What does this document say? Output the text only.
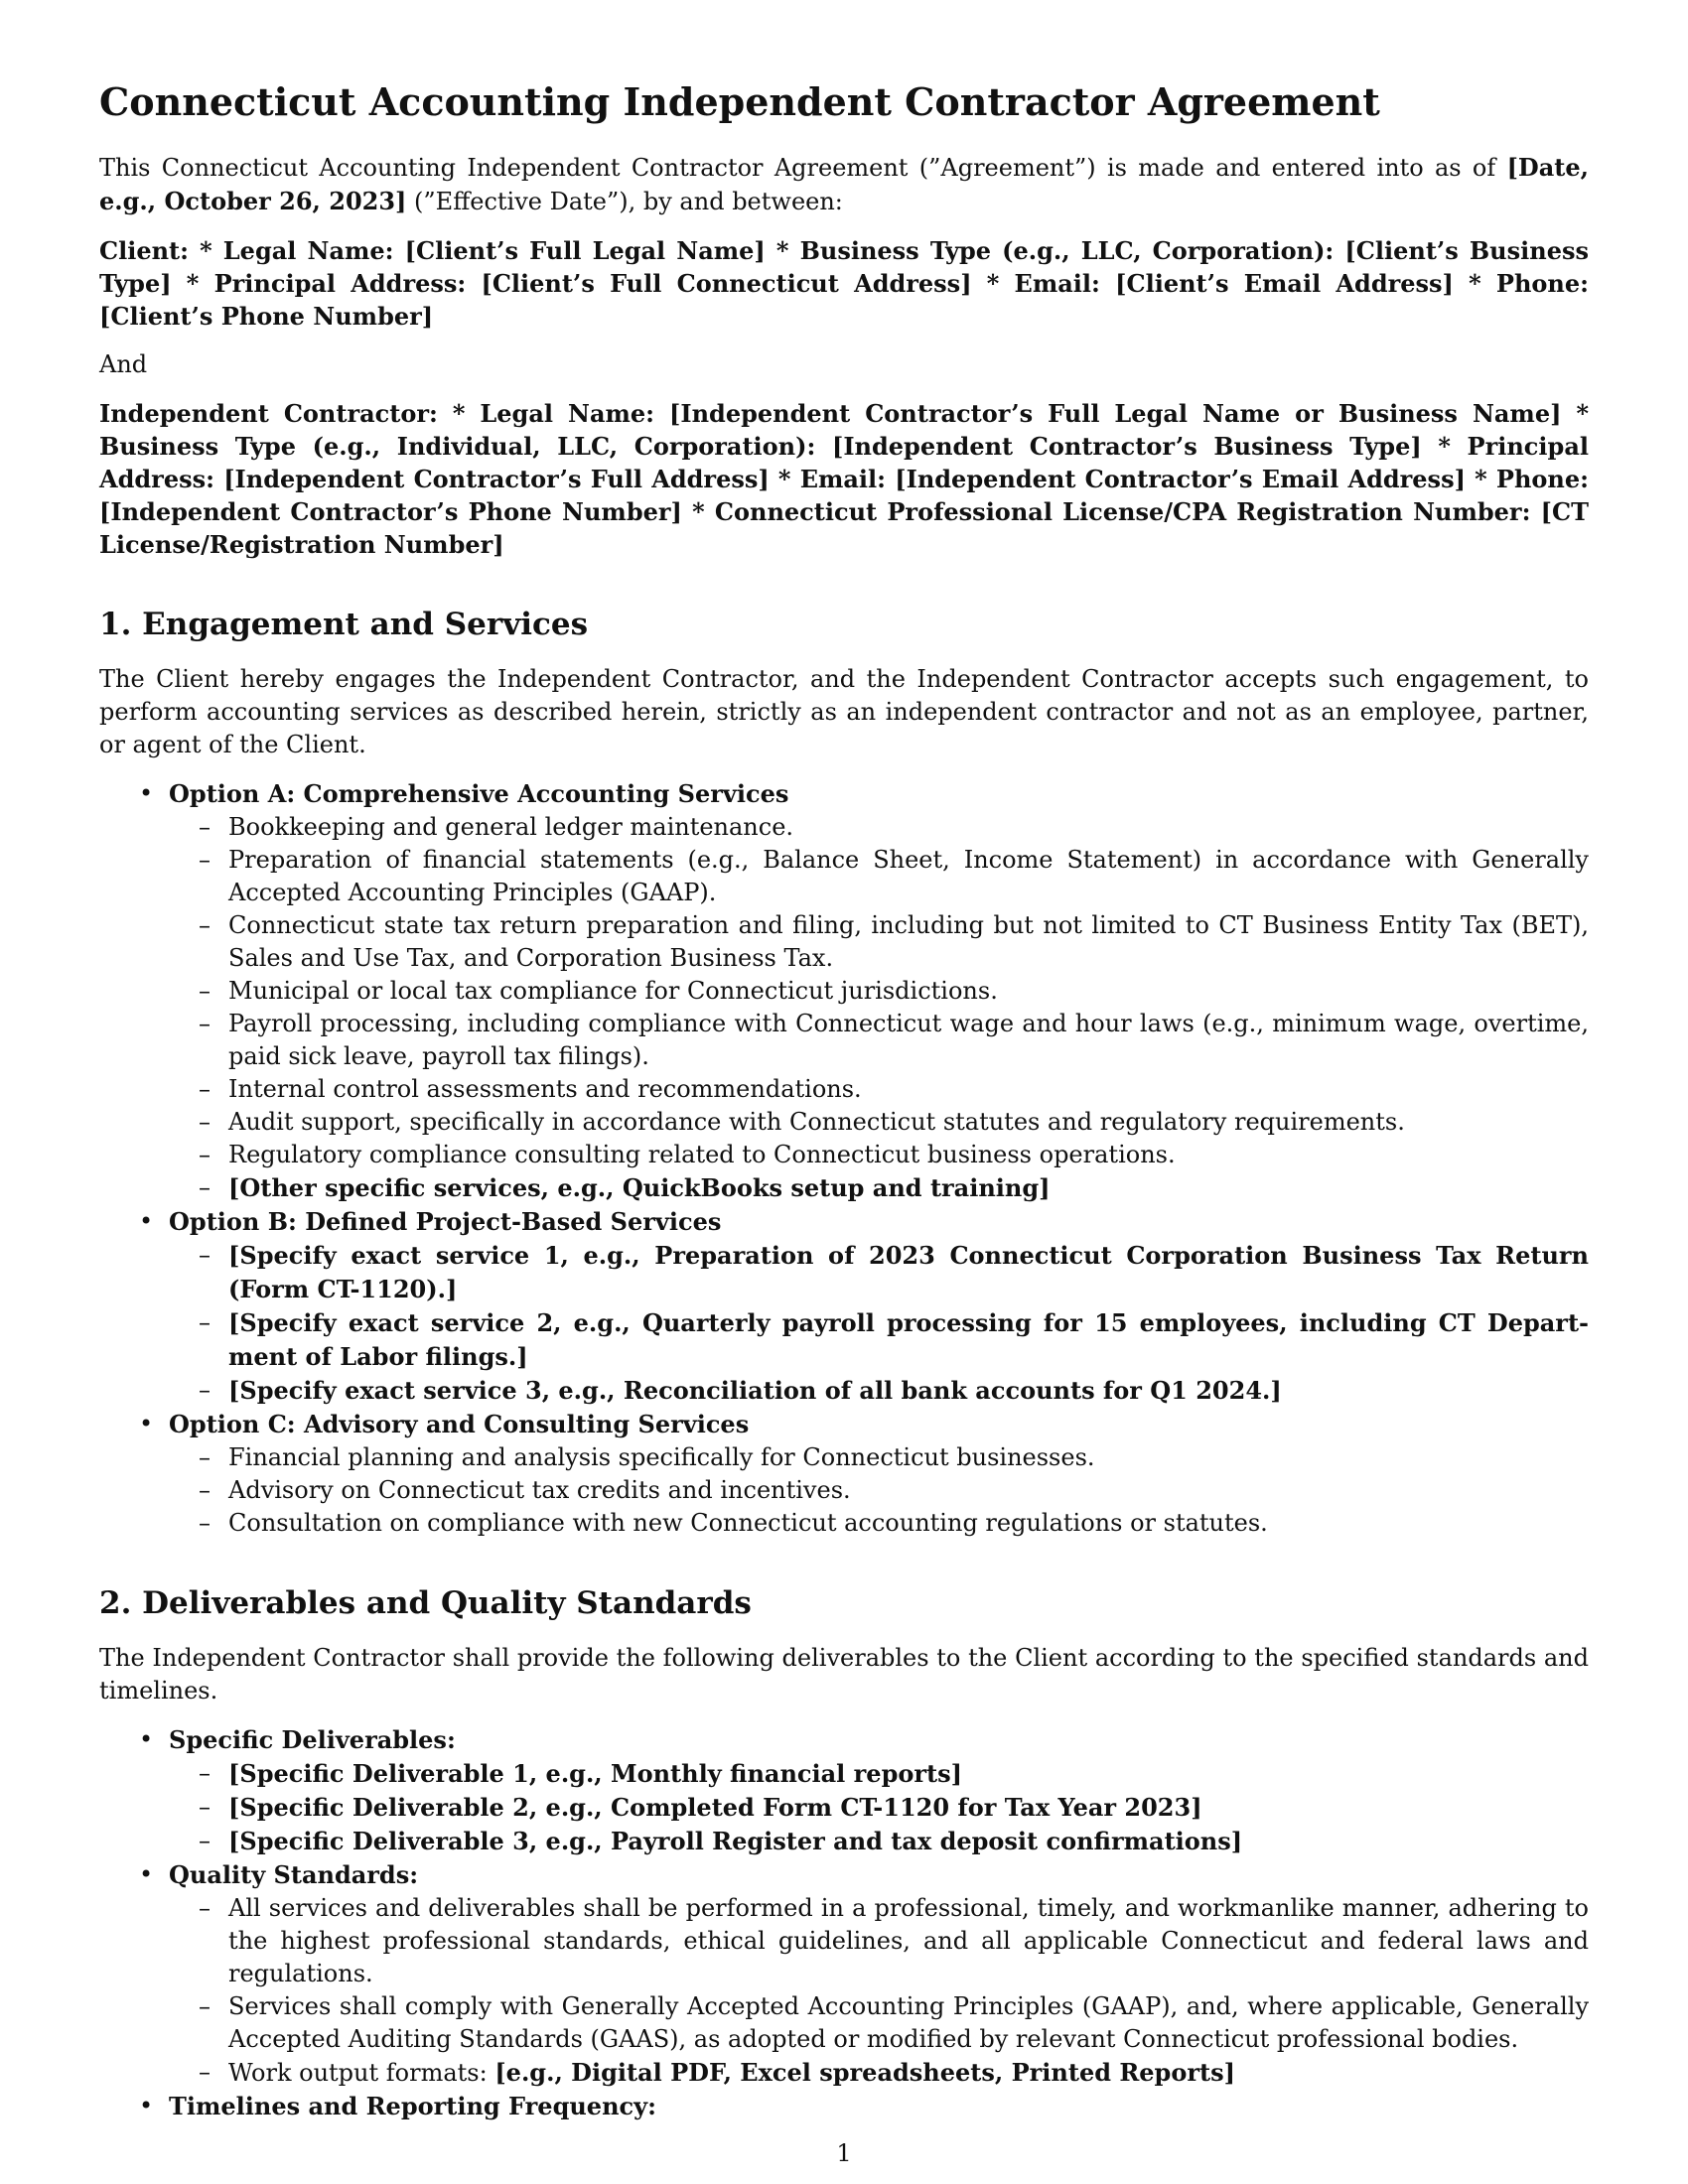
Connecticut Accounting Independent Contractor Agreement

This Connecticut Accounting Independent Contractor Agreement (”Agreement”) is made and entered into as of [Date, e.g., October 26, 2023] (”Effective Date”), by and between:

Client: * Legal Name: [Client’s Full Legal Name] * Business Type (e.g., LLC, Corporation): [Client’s Business Type] * Principal Address: [Client’s Full Connecticut Address] * Email: [Client’s Email Address] * Phone: [Client’s Phone Number]

And

Independent Contractor: * Legal Name: [Independent Contractor’s Full Legal Name or Business Name] * Business Type (e.g., Individual, LLC, Corporation): [Independent Contractor’s Business Type] * Principal Address: [Independent Contractor’s Full Address] * Email: [Independent Contractor’s Email Address] * Phone: [Independent Contractor’s Phone Number] * Connecticut Professional License/CPA Registration Number: [CT License/Registration Number]

1. Engagement and Services

The Client hereby engages the Independent Contractor, and the Independent Contractor accepts such engagement, to perform accounting services as described herein, strictly as an independent contractor and not as an employee, partner, or agent of the Client.

• Option A: Comprehensive Accounting Services
– Bookkeeping and general ledger maintenance.
– Preparation of financial statements (e.g., Balance Sheet, Income Statement) in accordance with Generally Accepted Accounting Principles (GAAP).
– Connecticut state tax return preparation and filing, including but not limited to CT Business Entity Tax (BET), Sales and Use Tax, and Corporation Business Tax.
– Municipal or local tax compliance for Connecticut jurisdictions.
– Payroll processing, including compliance with Connecticut wage and hour laws (e.g., minimum wage, overtime, paid sick leave, payroll tax filings).
– Internal control assessments and recommendations.
– Audit support, specifically in accordance with Connecticut statutes and regulatory requirements.
– Regulatory compliance consulting related to Connecticut business operations.
– [Other specific services, e.g., QuickBooks setup and training]
• Option B: Defined Project-Based Services
– [Specify exact service 1, e.g., Preparation of 2023 Connecticut Corporation Business Tax Return (Form CT-1120).]
– [Specify exact service 2, e.g., Quarterly payroll processing for 15 employees, including CT Depart-ment of Labor filings.]
– [Specify exact service 3, e.g., Reconciliation of all bank accounts for Q1 2024.]
• Option C: Advisory and Consulting Services
– Financial planning and analysis specifically for Connecticut businesses.
– Advisory on Connecticut tax credits and incentives.
– Consultation on compliance with new Connecticut accounting regulations or statutes.
2. Deliverables and Quality Standards

The Independent Contractor shall provide the following deliverables to the Client according to the specified standards and timelines.

• Specific Deliverables:
– [Specific Deliverable 1, e.g., Monthly financial reports]
– [Specific Deliverable 2, e.g., Completed Form CT-1120 for Tax Year 2023]
– [Specific Deliverable 3, e.g., Payroll Register and tax deposit confirmations]
• Quality Standards:
– All services and deliverables shall be performed in a professional, timely, and workmanlike manner, adhering to the highest professional standards, ethical guidelines, and all applicable Connecticut and federal laws and regulations.
– Services shall comply with Generally Accepted Accounting Principles (GAAP), and, where applicable, Generally Accepted Auditing Standards (GAAS), as adopted or modified by relevant Connecticut professional bodies.
– Work output formats: [e.g., Digital PDF, Excel spreadsheets, Printed Reports]
• Timelines and Reporting Frequency:
1
